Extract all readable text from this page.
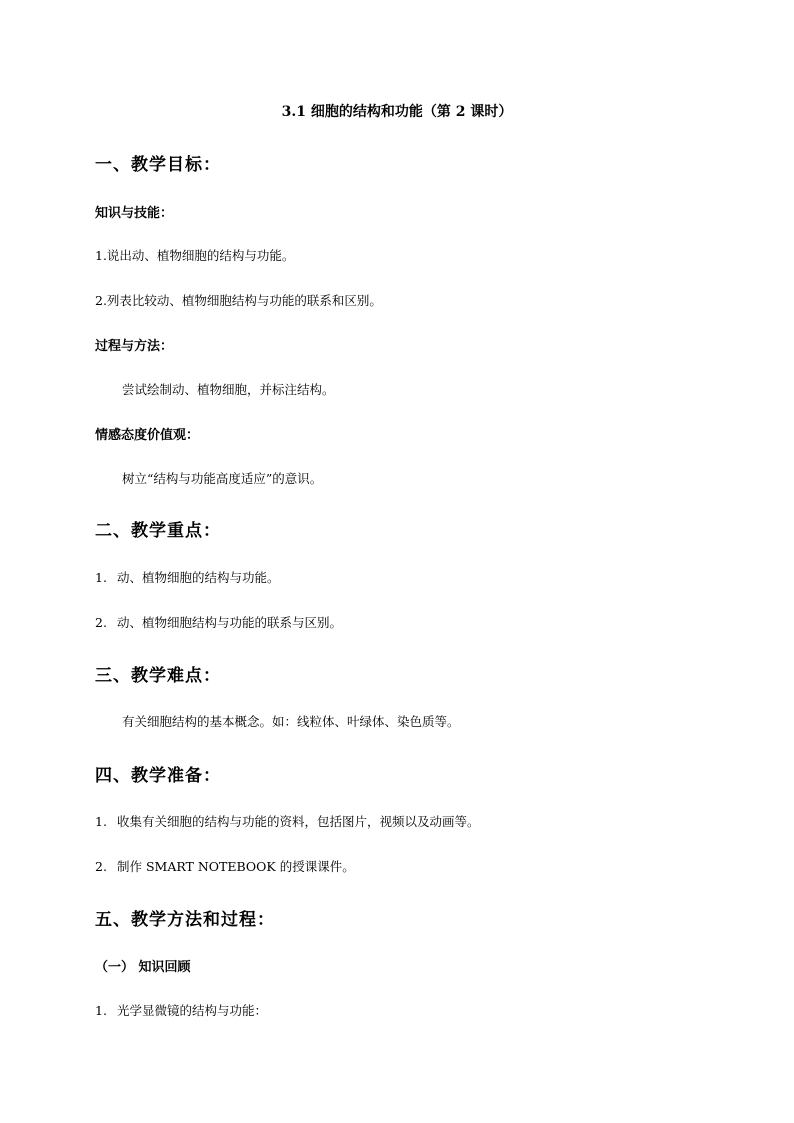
3.1 细胞的结构和功能（第 2 课时）
一、教学目标：
知识与技能：
1.说出动、植物细胞的结构与功能。
2.列表比较动、植物细胞结构与功能的联系和区别。
过程与方法：
尝试绘制动、植物细胞，并标注结构。
情感态度价值观：
树立“结构与功能高度适应”的意识。
二、教学重点：
1. 动、植物细胞的结构与功能。
2. 动、植物细胞结构与功能的联系与区别。
三、教学难点：
有关细胞结构的基本概念。如：线粒体、叶绿体、染色质等。
四、教学准备：
1. 收集有关细胞的结构与功能的资料，包括图片，视频以及动画等。
2. 制作 SMART NOTEBOOK 的授课课件。
五、教学方法和过程：
（一） 知识回顾
1. 光学显微镜的结构与功能：
